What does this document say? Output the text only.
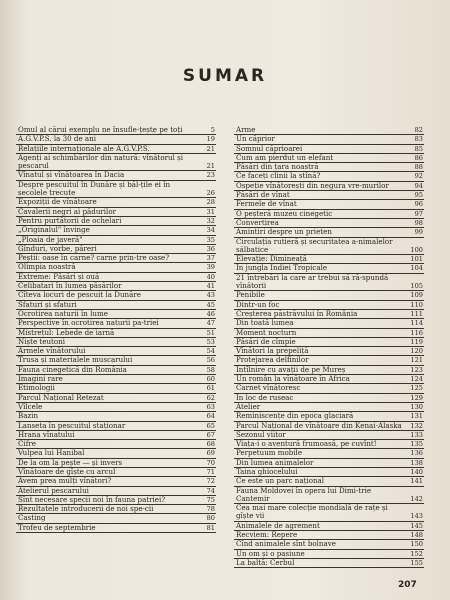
SUMAR
Omul al cărui exemplu ne însufle-țește pe toți	5
A.G.V.P.S. la 30 de ani	19
Relațiile internaționale ale A.G.V.P.S.	21
Agenți ai schimbărilor din natură: vînătorul și pescarul	21
Vînatul și vînătoarea în Dacia	23
Despre pescuitul în Dunăre și băl-țile ei în secolele trecute	26
Expoziții de vînătoare	28
Cavalerii negri ai pădurilor	31
Pentru purtătorii de ochelari	32
„Originalul" învinge	34
„Ploaia de javeră"	35
Gînduri, vorbe, păreri	36
Peștii: oase în carne? carne prin-tre oase?	37
Olimpia noastră	39
Extreme: Păsări și ouă	40
Celibatari în lumea păsărilor	41
Cîteva locuri de pescuit la Dunăre	43
Sfaturi și sfaturi	45
Ocrotirea naturii în lume	46
Perspective în ocrotirea naturii pa-triei	47
Mistrețul: Lebede de iarnă	51
Niște teutoni	53
Armele vînătorului	54
Trusa și materialele muscarului	56
Fauna cinegetică din România	58
Imagini rare	60
Etimologii	61
Parcul Național Retezat	62
Vîlcele	63
Bazin	64
Lanseta în pescuitul staționar	65
Hrana vînatului	67
Cifre	68
Vulpea lui Hanibal	69
De la om la pește — și invers	70
Vînătoare de gîște cu arcul	71
Avem prea mulți vînători?	72
Atelierul pescarului	74
Sînt necesare specii noi în fauna patriei?	75
Rezultatele introducerii de noi spe-cii	78
Casting	80
Trofeu de septembrie	81
Arme	82
Un căprior	83
Somnul căprioarei	85
Cum am pierdut un elefant	86
Păsări din țara noastră	88
Ce faceți clinii la stînă?	92
Ospeție vînătorești din negura vre-murilor	94
Păsări de vînat	95
Fermele de vînat	96
O peșteră muzeu cinegetic	97
Convertirea	98
Amintiri despre un prieten	99
Circulația rutieră și securitatea a-nimalelor sălbatice	100
Elevație: Dimineață	101
În jungla Indiei Tropicale	104
21 întrebări la care ar trebui să ră-spundă vînătorii	105
Penibile	109
Dintr-un foc	110
Creșterea păstrăvului în România	111
Din toată lumea	114
Moment nocturn	116
Păsări de cîmpie	119
Vînători la prepeliță	120
Protejarea delfinilor	121
Întîlnire cu avații de pe Mureș	123
Un român la vînătoare în Africa	124
Carnet vînătoresc	125
În loc de ruseac	129
Atelier	130
Reminiscențe din epoca glaciară	131
Parcul Național de vînătoare din Kenai-Alaska	132
Sezonul viitor	133
Viața-i o aventură frumoasă, pe cuvînt!	135
Perpetuum mobile	136
Din lumea animalelor	138
Taina ghiocelului	140
Ce este un parc național	141
Fauna Moldovei în opera lui Dimi-trie Cantemir	142
Cea mai mare colecție mondială de rațe și gîște vii	143
Animalele de agrement	145
Recviem: Repere	148
Cînd animalele sînt bolnave	150
Un om și o pasiune	152
La baltă: Cerbul	155
207
